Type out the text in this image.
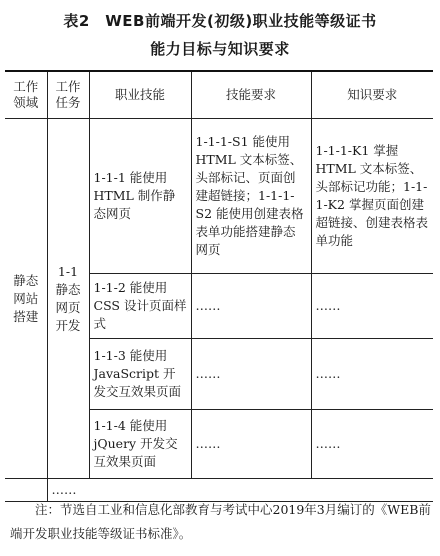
表2　WEB前端开发(初级)职业技能等级证书
能力目标与知识要求
工作领域	工作任务	职业技能	技能要求	知识要求
静态网站搭建	1-1 静态网页开发	1-1-1 能使用 HTML 制作静态网页	1-1-1-S1 能使用 HTML 文本标签、头部标记、页面创建超链接；1-1-1-S2 能使用创建表格表单功能搭建静态网页	1-1-1-K1 掌握 HTML 文本标签、头部标记功能；1-1-1-K2 掌握页面创建超链接、创建表格表单功能
		1-1-2 能使用 CSS 设计页面样式	……	……
		1-1-3 能使用 JavaScript 开发交互效果页面	……	……
		1-1-4 能使用 jQuery 开发交互效果页面	……	……
	……			
注：节选自工业和信息化部教育与考试中心2019年3月编订的《WEB前端开发职业技能等级证书标准》。
